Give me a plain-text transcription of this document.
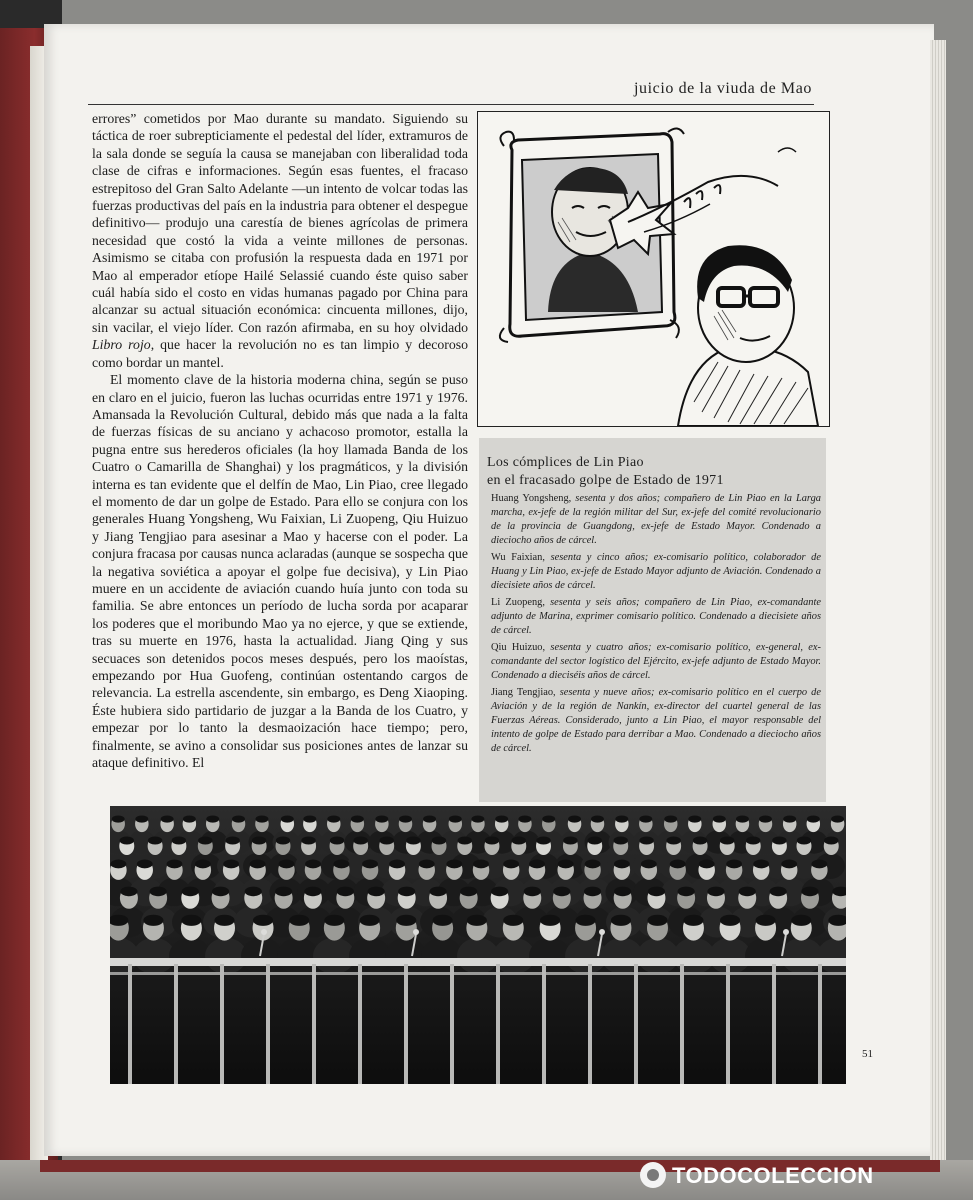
juicio de la viuda de Mao

errores” cometidos por Mao durante su mandato. Siguiendo su táctica de roer subrepticiamente el pedestal del líder, extramuros de la sala donde se seguía la causa se manejaban con liberalidad toda clase de cifras e informaciones. Según esas fuentes, el fracaso estrepitoso del Gran Salto Adelante —un intento de volcar todas las fuerzas productivas del país en la industria para obtener el despegue definitivo— produjo una carestía de bienes agrícolas de primera necesidad que costó la vida a veinte millones de personas. Asimismo se citaba con profusión la respuesta dada en 1971 por Mao al emperador etíope Hailé Selassié cuando éste quiso saber cuál había sido el costo en vidas humanas pagado por China para alcanzar su actual situación económica: cincuenta millones, dijo, sin vacilar, el viejo líder. Con razón afirmaba, en su hoy olvidado Libro rojo, que hacer la revolución no es tan limpio y decoroso como bordar un mantel.

El momento clave de la historia moderna china, según se puso en claro en el juicio, fueron las luchas ocurridas entre 1971 y 1976. Amansada la Revolución Cultural, debido más que nada a la falta de fuerzas físicas de su anciano y achacoso promotor, estalla la pugna entre sus herederos oficiales (la hoy llamada Banda de los Cuatro o Camarilla de Shanghai) y los pragmáticos, y la división interna es tan evidente que el delfín de Mao, Lin Piao, cree llegado el momento de dar un golpe de Estado. Para ello se conjura con los generales Huang Yongsheng, Wu Faixian, Li Zuopeng, Qiu Huizuo y Jiang Tengjiao para asesinar a Mao y hacerse con el poder. La conjura fracasa por causas nunca aclaradas (aunque se sospecha que la negativa soviética a apoyar el golpe fue decisiva), y Lin Piao muere en un accidente de aviación cuando huía junto con toda su familia. Se abre entonces un período de lucha sorda por acaparar los poderes que el moribundo Mao ya no ejerce, y que se extiende, tras su muerte en 1976, hasta la actualidad. Jiang Qing y sus secuaces son detenidos pocos meses después, pero los maoístas, empezando por Hua Guofeng, continúan ostentando cargos de relevancia. La estrella ascendente, sin embargo, es Deng Xiaoping. Éste hubiera sido partidario de juzgar a la Banda de los Cuatro, y empezar por lo tanto la desmaoización hace tiempo; pero, finalmente, se avino a consolidar sus posiciones antes de lanzar su ataque definitivo. El

Los cómplices de Lin Piao
en el fracasado golpe de Estado de 1971

Huang Yongsheng, sesenta y dos años; compañero de Lin Piao en la Larga marcha, ex-jefe de la región militar del Sur, ex-jefe del comité revolucionario de la provincia de Guangdong, ex-jefe de Estado Mayor. Condenado a dieciocho años de cárcel.

Wu Faixian, sesenta y cinco años; ex-comisario político, colaborador de Huang y Lin Piao, ex-jefe de Estado Mayor adjunto de Aviación. Condenado a diecisiete años de cárcel.

Li Zuopeng, sesenta y seis años; compañero de Lin Piao, ex-comandante adjunto de Marina, exprimer comisario político. Condenado a diecisiete años de cárcel.

Qiu Huizuo, sesenta y cuatro años; ex-comisario político, ex-general, ex-comandante del sector logístico del Ejército, ex-jefe adjunto de Estado Mayor. Condenado a dieciséis años de cárcel.

Jiang Tengjiao, sesenta y nueve años; ex-comisario político en el cuerpo de Aviación y de la región de Nankín, ex-director del cuartel general de las Fuerzas Aéreas. Considerado, junto a Lin Piao, el mayor responsable del intento de golpe de Estado para derribar a Mao. Condenado a dieciocho años de cárcel.

51
TODOCOLECCION
